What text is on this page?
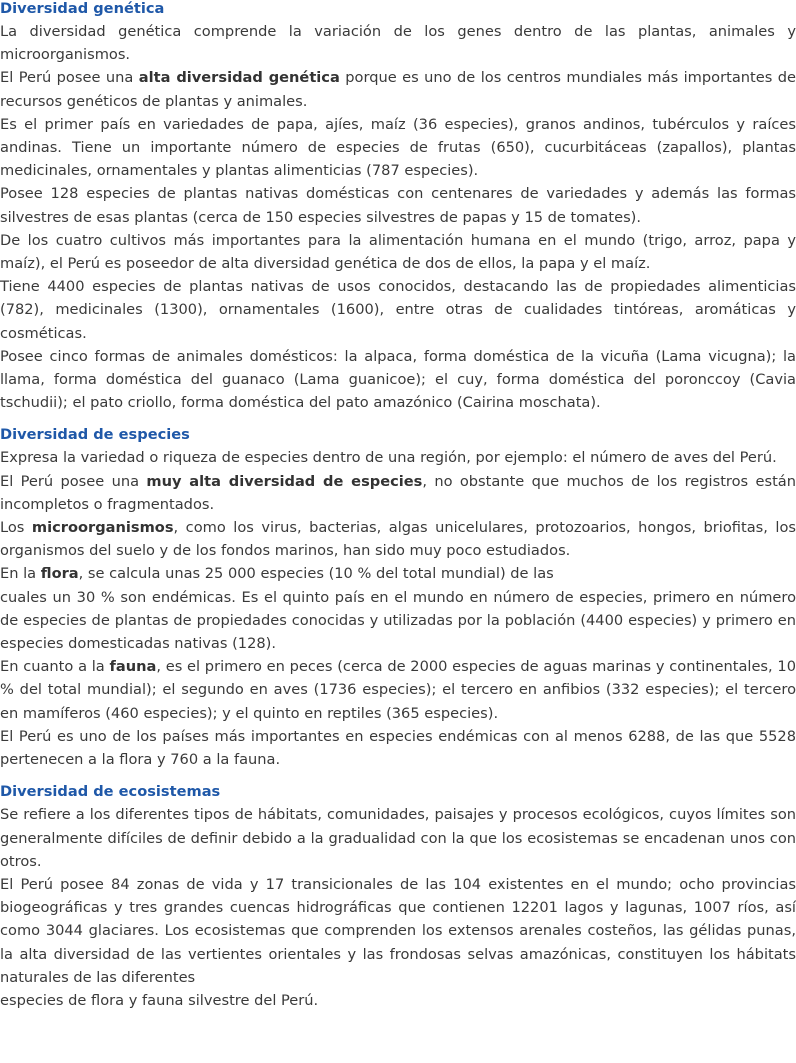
Diversidad genética

La diversidad genética comprende la variación de los genes dentro de las plantas, animales y microorganismos.

El Perú posee una alta diversidad genética porque es uno de los centros mundiales más importantes de recursos genéticos de plantas y animales.

Es el primer país en variedades de papa, ajíes, maíz (36 especies), granos andinos, tubérculos y raíces andinas. Tiene un importante número de especies de frutas (650), cucurbitáceas (zapallos), plantas medicinales, ornamentales y plantas alimenticias (787 especies).

Posee 128 especies de plantas nativas domésticas con centenares de variedades y además las formas silvestres de esas plantas (cerca de 150 especies silvestres de papas y 15 de tomates).

De los cuatro cultivos más importantes para la alimentación humana en el mundo (trigo, arroz, papa y maíz), el Perú es poseedor de alta diversidad genética de dos de ellos, la papa y el maíz.

Tiene 4400 especies de plantas nativas de usos conocidos, destacando las de propiedades alimenticias (782), medicinales (1300), ornamentales (1600), entre otras de cualidades tintóreas, aromáticas y cosméticas.

Posee cinco formas de animales domésticos: la alpaca, forma doméstica de la vicuña (Lama vicugna); la llama, forma doméstica del guanaco (Lama guanicoe); el cuy, forma doméstica del poronccoy (Cavia tschudii); el pato criollo, forma doméstica del pato amazónico (Cairina moschata).

Diversidad de especies

Expresa la variedad o riqueza de especies dentro de una región, por ejemplo: el número de aves del Perú.

El Perú posee una muy alta diversidad de especies, no obstante que muchos de los registros están incompletos o fragmentados.

Los microorganismos, como los virus, bacterias, algas unicelulares, protozoarios, hongos, briofitas, los organismos del suelo y de los fondos marinos, han sido muy poco estudiados.

En la flora, se calcula unas 25 000 especies (10 % del total mundial) de las

cuales un 30 % son endémicas. Es el quinto país en el mundo en número de especies, primero en número de especies de plantas de propiedades conocidas y utilizadas por la población (4400 especies) y primero en especies domesticadas nativas (128).

En cuanto a la fauna, es el primero en peces (cerca de 2000 especies de aguas marinas y continentales, 10 % del total mundial); el segundo en aves (1736 especies); el tercero en anfibios (332 especies); el tercero en mamíferos (460 especies); y el quinto en reptiles (365 especies).

El Perú es uno de los países más importantes en especies endémicas con al menos 6288, de las que 5528 pertenecen a la flora y 760 a la fauna.

Diversidad de ecosistemas

Se refiere a los diferentes tipos de hábitats, comunidades, paisajes y procesos ecológicos, cuyos límites son generalmente difíciles de definir debido a la gradualidad con la que los ecosistemas se encadenan unos con otros.

El Perú posee 84 zonas de vida y 17 transicionales de las 104 existentes en el mundo; ocho provincias biogeográficas y tres grandes cuencas hidrográficas que contienen 12201 lagos y lagunas, 1007 ríos, así como 3044 glaciares. Los ecosistemas que comprenden los extensos arenales costeños, las gélidas punas, la alta diversidad de las vertientes orientales y las frondosas selvas amazónicas, constituyen los hábitats naturales de las diferentes

especies de flora y fauna silvestre del Perú.
